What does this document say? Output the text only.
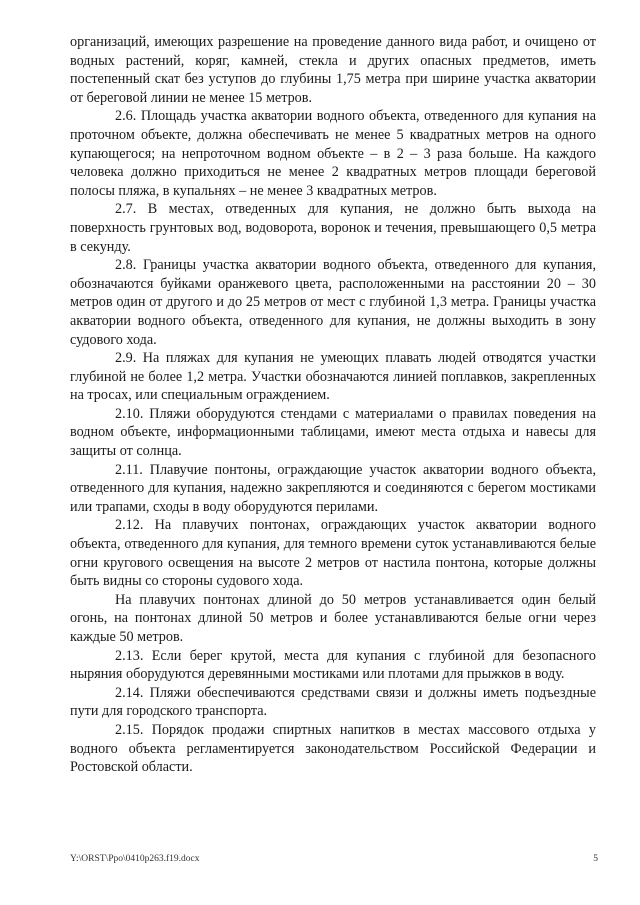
организаций, имеющих разрешение на проведение данного вида работ, и очищено от водных растений, коряг, камней, стекла и других опасных предметов, иметь постепенный скат без уступов до глубины 1,75 метра при ширине участка акватории от береговой линии не менее 15 метров.

2.6. Площадь участка акватории водного объекта, отведенного для купания на проточном объекте, должна обеспечивать не менее 5 квадратных метров на одного купающегося; на непроточном водном объекте – в 2 – 3 раза больше. На каждого человека должно приходиться не менее 2 квадратных метров площади береговой полосы пляжа, в купальнях – не менее 3 квадратных метров.

2.7. В местах, отведенных для купания, не должно быть выхода на поверхность грунтовых вод, водоворота, воронок и течения, превышающего 0,5 метра в секунду.

2.8. Границы участка акватории водного объекта, отведенного для купания, обозначаются буйками оранжевого цвета, расположенными на расстоянии 20 – 30 метров один от другого и до 25 метров от мест с глубиной 1,3 метра. Границы участка акватории водного объекта, отведенного для купания, не должны выходить в зону судового хода.

2.9. На пляжах для купания не умеющих плавать людей отводятся участки глубиной не более 1,2 метра. Участки обозначаются линией поплавков, закрепленных на тросах, или специальным ограждением.

2.10. Пляжи оборудуются стендами с материалами о правилах поведения на водном объекте, информационными таблицами, имеют места отдыха и навесы для защиты от солнца.

2.11. Плавучие понтоны, ограждающие участок акватории водного объекта, отведенного для купания, надежно закрепляются и соединяются с берегом мостиками или трапами, сходы в воду оборудуются перилами.

2.12. На плавучих понтонах, ограждающих участок акватории водного объекта, отведенного для купания, для темного времени суток устанавливаются белые огни кругового освещения на высоте 2 метров от настила понтона, которые должны быть видны со стороны судового хода.

На плавучих понтонах длиной до 50 метров устанавливается один белый огонь, на понтонах длиной 50 метров и более устанавливаются белые огни через каждые 50 метров.

2.13. Если берег крутой, места для купания с глубиной для безопасного ныряния оборудуются деревянными мостиками или плотами для прыжков в воду.

2.14. Пляжи обеспечиваются средствами связи и должны иметь подъездные пути для городского транспорта.

2.15. Порядок продажи спиртных напитков в местах массового отдыха у водного объекта регламентируется законодательством Российской Федерации и Ростовской области.

Y:\ORST\Ppo\0410p263.f19.docx	5
